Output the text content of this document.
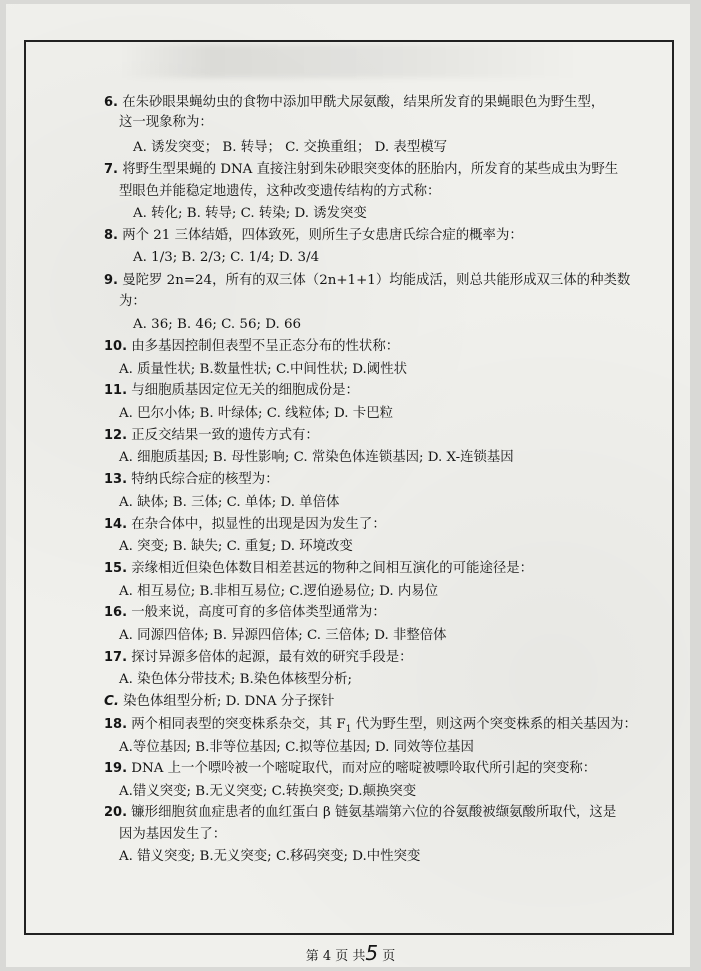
6. 在朱砂眼果蝇幼虫的食物中添加甲酰犬尿氨酸，结果所发育的果蝇眼色为野生型，
这一现象称为：
A. 诱发突变； B. 转导； C. 交换重组； D. 表型模写
7. 将野生型果蝇的 DNA 直接注射到朱砂眼突变体的胚胎内，所发育的某些成虫为野生
型眼色并能稳定地遗传，这种改变遗传结构的方式称：
A. 转化; B. 转导; C. 转染; D. 诱发突变
8. 两个 21 三体结婚，四体致死，则所生子女患唐氏综合症的概率为：
A. 1/3; B. 2/3; C. 1/4; D. 3/4
9. 曼陀罗 2n=24，所有的双三体（2n+1+1）均能成活，则总共能形成双三体的种类数
为：
A. 36; B. 46; C. 56; D. 66
10. 由多基因控制但表型不呈正态分布的性状称：
A. 质量性状; B.数量性状; C.中间性状; D.阈性状
11. 与细胞质基因定位无关的细胞成份是：
A. 巴尔小体; B. 叶绿体; C. 线粒体; D. 卡巴粒
12. 正反交结果一致的遗传方式有：
A. 细胞质基因; B. 母性影响; C. 常染色体连锁基因; D. X-连锁基因
13. 特纳氏综合症的核型为：
A. 缺体; B. 三体; C. 单体; D. 单倍体
14. 在杂合体中，拟显性的出现是因为发生了：
A. 突变; B. 缺失; C. 重复; D. 环境改变
15. 亲缘相近但染色体数目相差甚远的物种之间相互演化的可能途径是：
A. 相互易位; B.非相互易位; C.逻伯逊易位; D. 内易位
16. 一般来说，高度可育的多倍体类型通常为：
A. 同源四倍体; B. 异源四倍体; C. 三倍体; D. 非整倍体
17. 探讨异源多倍体的起源，最有效的研究手段是：
A. 染色体分带技术; B.染色体核型分析;
C. 染色体组型分析; D. DNA 分子探针
18. 两个相同表型的突变株系杂交，其 $F_1$ 代为野生型，则这两个突变株系的相关基因为：
A.等位基因; B.非等位基因; C.拟等位基因; D. 同效等位基因
19. DNA 上一个嘌呤被一个嘧啶取代，而对应的嘧啶被嘌呤取代所引起的突变称：
A.错义突变; B.无义突变; C.转换突变; D.颠换突变
20. 镰形细胞贫血症患者的血红蛋白 β 链氨基端第六位的谷氨酸被缬氨酸所取代，这是
因为基因发生了：
A. 错义突变; B.无义突变; C.移码突变; D.中性突变
第 4 页 共5 页
